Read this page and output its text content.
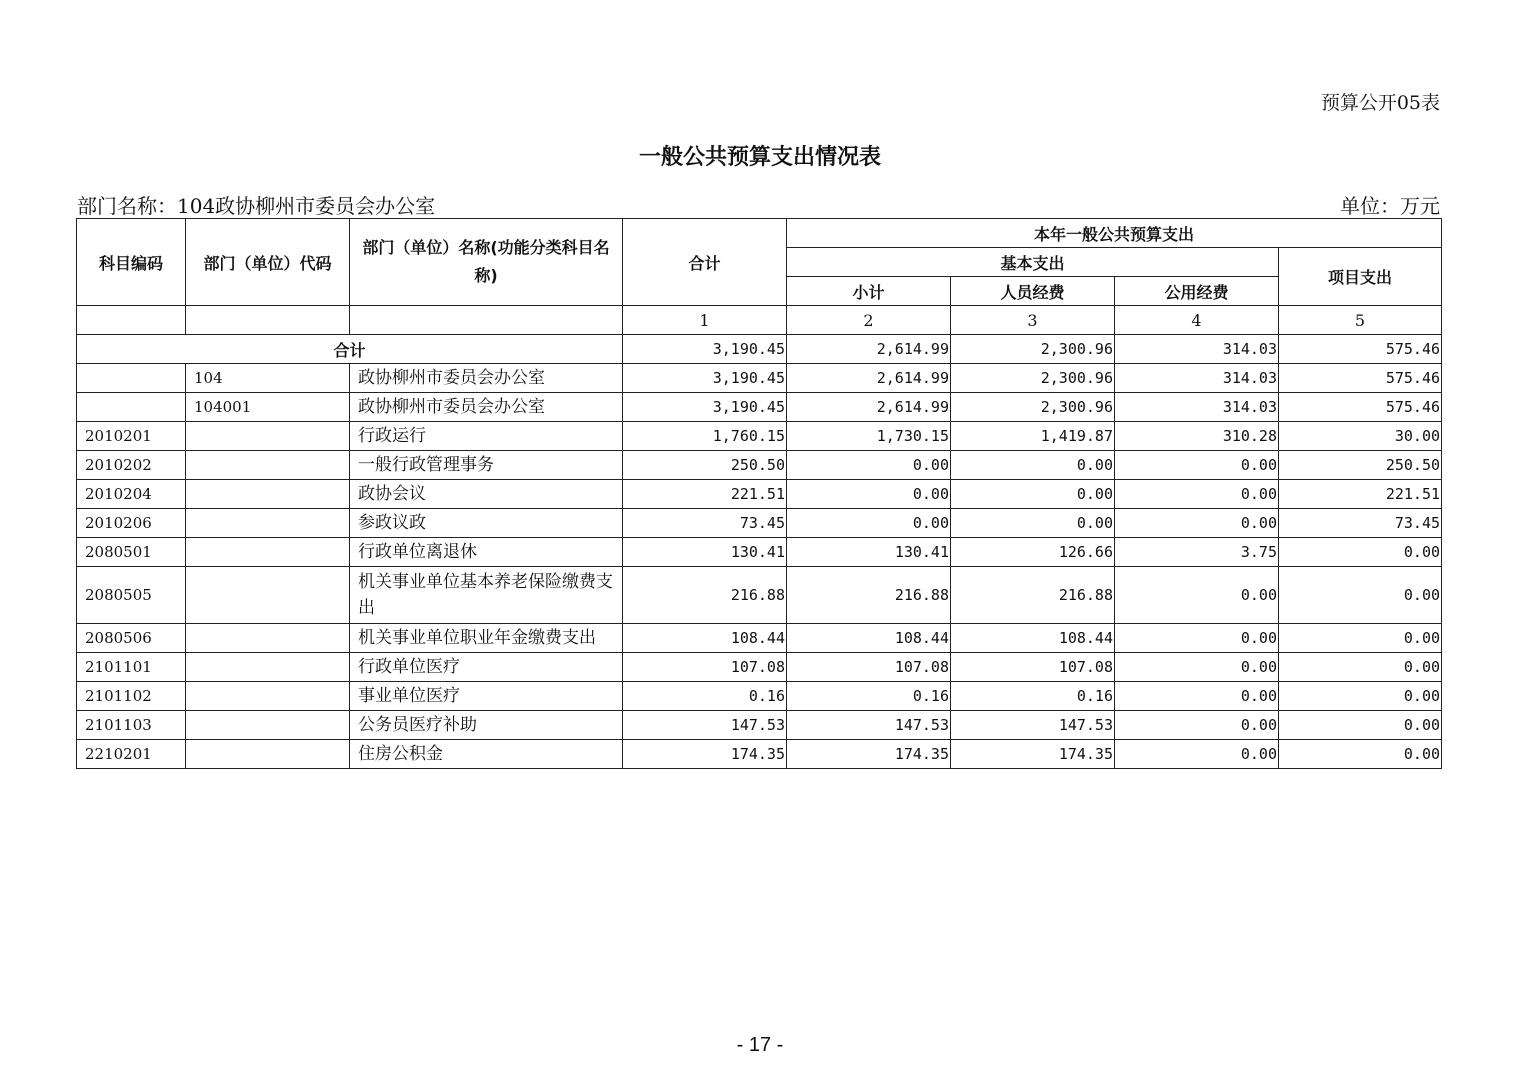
预算公开05表
一般公共预算支出情况表
部门名称：104政协柳州市委员会办公室	单位：万元
科目编码	部门（单位）代码	部门（单位）名称(功能分类科目名称)	合计	本年一般公共预算支出			
				基本支出			项目支出
				小计	人员经费	公用经费	
			1	2	3	4	5
合计			3,190.45	2,614.99	2,300.96	314.03	575.46
	104	政协柳州市委员会办公室	3,190.45	2,614.99	2,300.96	314.03	575.46
	104001	政协柳州市委员会办公室	3,190.45	2,614.99	2,300.96	314.03	575.46
2010201		行政运行	1,760.15	1,730.15	1,419.87	310.28	30.00
2010202		一般行政管理事务	250.50	0.00	0.00	0.00	250.50
2010204		政协会议	221.51	0.00	0.00	0.00	221.51
2010206		参政议政	73.45	0.00	0.00	0.00	73.45
2080501		行政单位离退休	130.41	130.41	126.66	3.75	0.00
2080505		机关事业单位基本养老保险缴费支出	216.88	216.88	216.88	0.00	0.00
2080506		机关事业单位职业年金缴费支出	108.44	108.44	108.44	0.00	0.00
2101101		行政单位医疗	107.08	107.08	107.08	0.00	0.00
2101102		事业单位医疗	0.16	0.16	0.16	0.00	0.00
2101103		公务员医疗补助	147.53	147.53	147.53	0.00	0.00
2210201		住房公积金	174.35	174.35	174.35	0.00	0.00
- 17 -
